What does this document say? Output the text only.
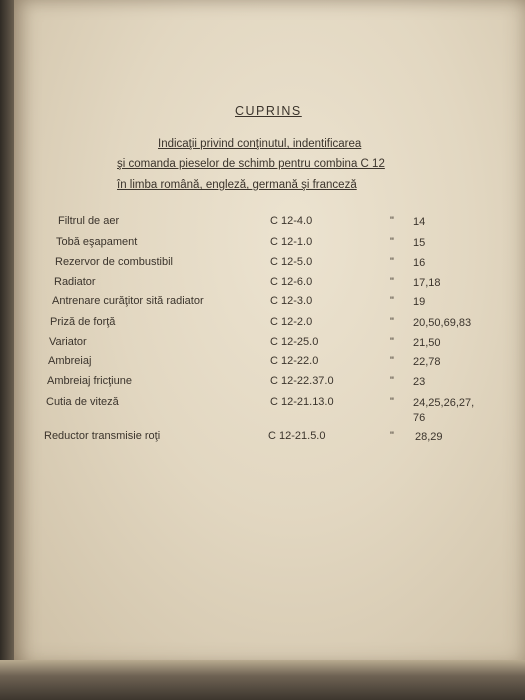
CUPRINS
Indicaţii privind conţinutul, indentificarea
şi comanda pieselor de schimb pentru combina C 12
în limba română, engleză, germană şi franceză
Filtrul de aer	C 12-4.0	" 14
Tobă eşapament	C 12-1.0	" 15
Rezervor de combustibil	C 12-5.0	" 16
Radiator	C 12-6.0	" 17,18
Antrenare curăţitor sită radiator	C 12-3.0	" 19
Priză de forţă	C 12-2.0	" 20,50,69,83
Variator	C 12-25.0	" 21,50
Ambreiaj	C 12-22.0	" 22,78
Ambreiaj fricţiune	C 12-22.37.0	" 23
Cutia de viteză	C 12-21.13.0	" 24,25,26,27,
76
Reductor transmisie roţi	C 12-21.5.0	" 28,29
